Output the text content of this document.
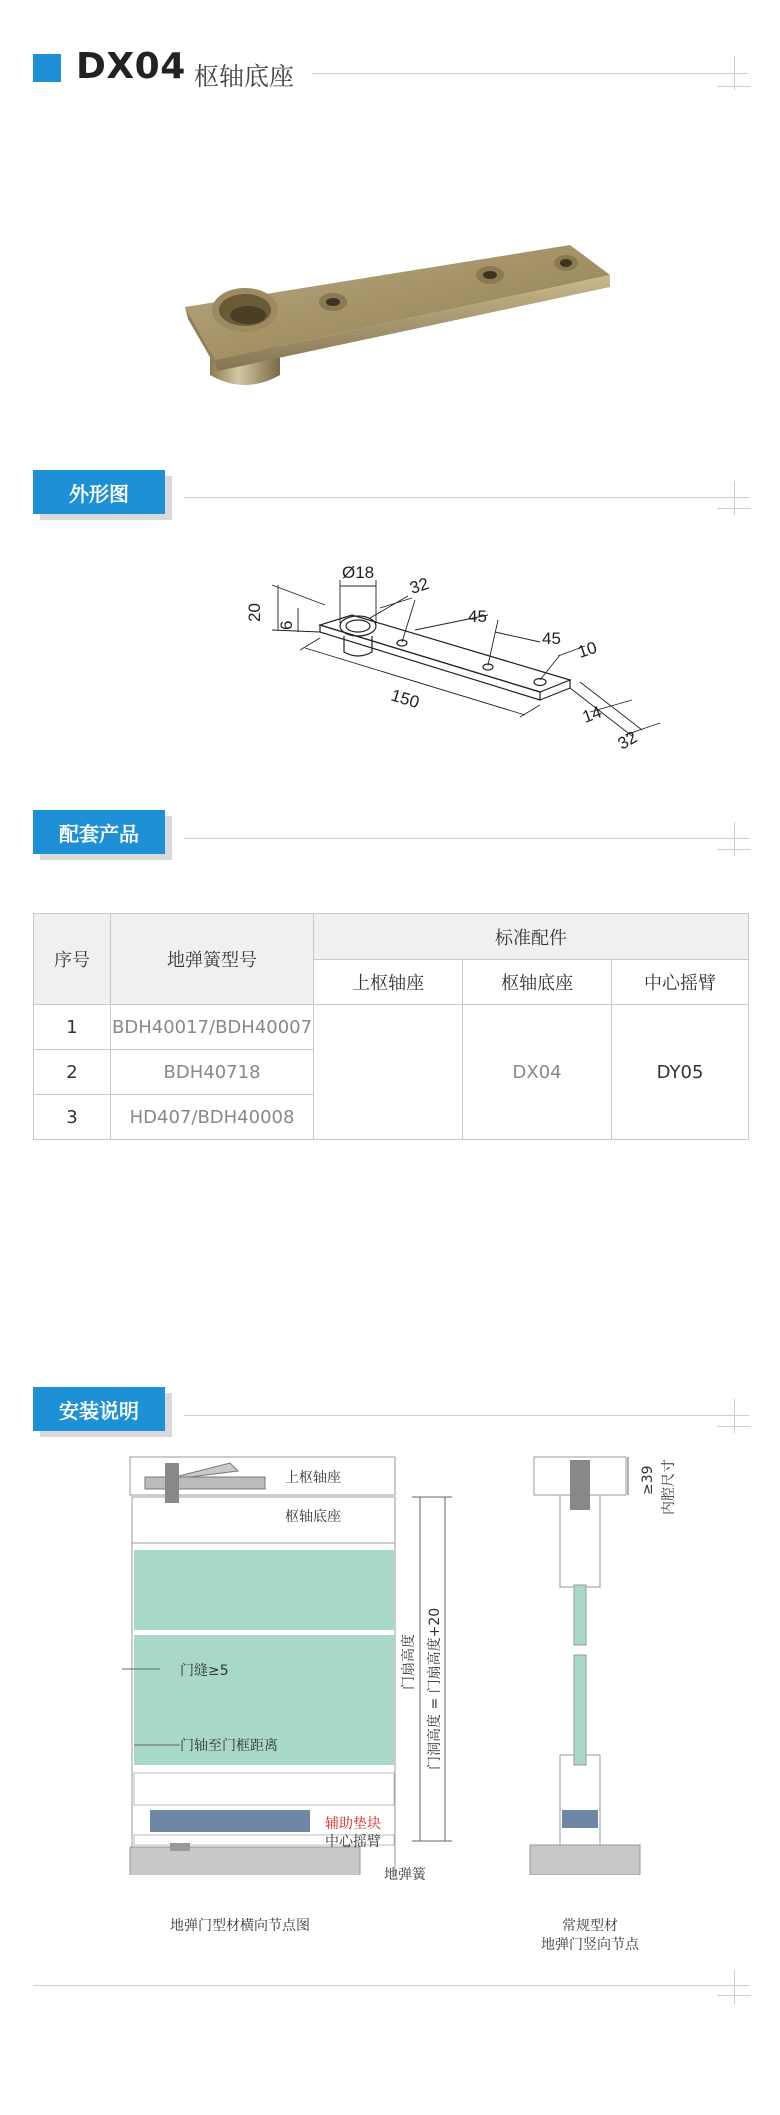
DX04 枢轴底座
外形图
Ø18
32
45
45 10
20
6
150
14
32
配套产品
序号	地弹簧型号	标准配件		
		上枢轴座	枢轴底座	中心摇臂
1	BDH40017/BDH40007		DX04	DY05
2	BDH40718			
3	HD407/BDH40008			
安装说明
上枢轴座
枢轴底座
门缝≥5
门轴至门框距离
门扇高度 门洞高度 = 门扇高度+20
辅助垫块
中心摇臂
地弹簧
地弹门型材横向节点图
≥39 内腔尺寸
常规型材
地弹门竖向节点
